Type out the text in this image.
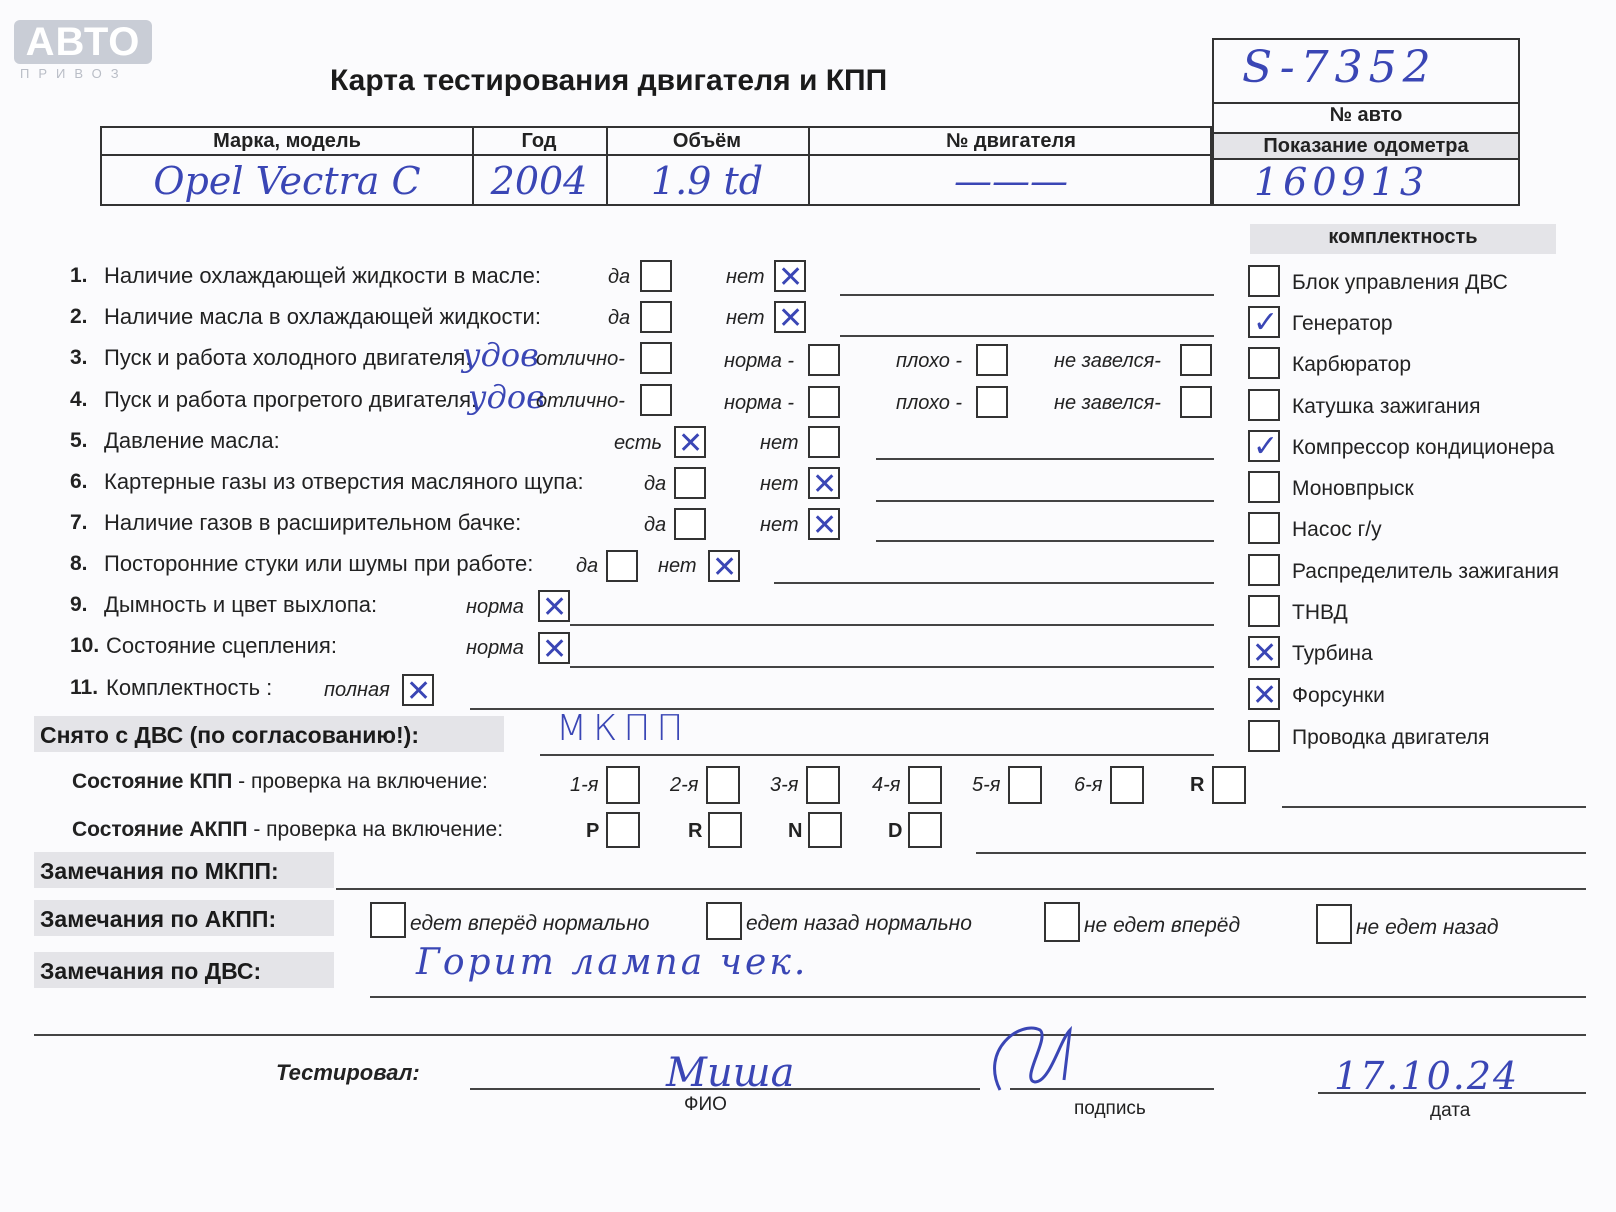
АВТО
ПРИВОЗ	Карта тестирования двигателя и КПП	S-7352
№ авто
Показание одометра
160913
Марка, модель	Год	Объём	№ двигателя
Opel Vectra C	2004	1.9 td	———
комплектность
Блок управления ДВС
✓
Генератор
Карбюратор
Катушка зажигания
✓
Компрессор кондиционера
Моновпрыск
Насос г/у
Распределитель зажигания
ТНВД
✕
Турбина
✕
Форсунки
Проводка двигателя
1. Наличие охлаждающей жидкости в масле:	да	нет
✕
2. Наличие масла в охлаждающей жидкости:	да	нет
✕
3. Пуск и работа холодного двигателя:
удов
отлично-	норма -	плохо -	не завелся-
4. Пуск и работа прогретого двигателя:
удов
отлично-	норма -	плохо -	не завелся-
5. Давление масла:	есть
✕	нет
6. Картерные газы из отверстия масляного щупа:	да	нет
✕
7. Наличие газов в расширительном бачке:	да	нет
✕
8. Посторонние стуки или шумы при работе: да	нет
✕
9. Дымность и цвет выхлопа:	норма
✕
10. Состояние сцепления:	норма
✕
11. Комплектность :	полная
✕
Снято с ДВС (по согласованию!):	МКПП
Состояние КПП - проверка на включение:	1-я	2-я	3-я	4-я	5-я	6-я	R
Состояние АКПП - проверка на включение:	P	R	N	D
Замечания по МКПП:
Замечания по АКПП:	едет вперёд нормально	едет назад нормально	не едет вперёд	не едет назад
Замечания по ДВС:	Горит лампа чек.
Тестировал:	Миша
ФИО	подпись
17.10.24
дата
